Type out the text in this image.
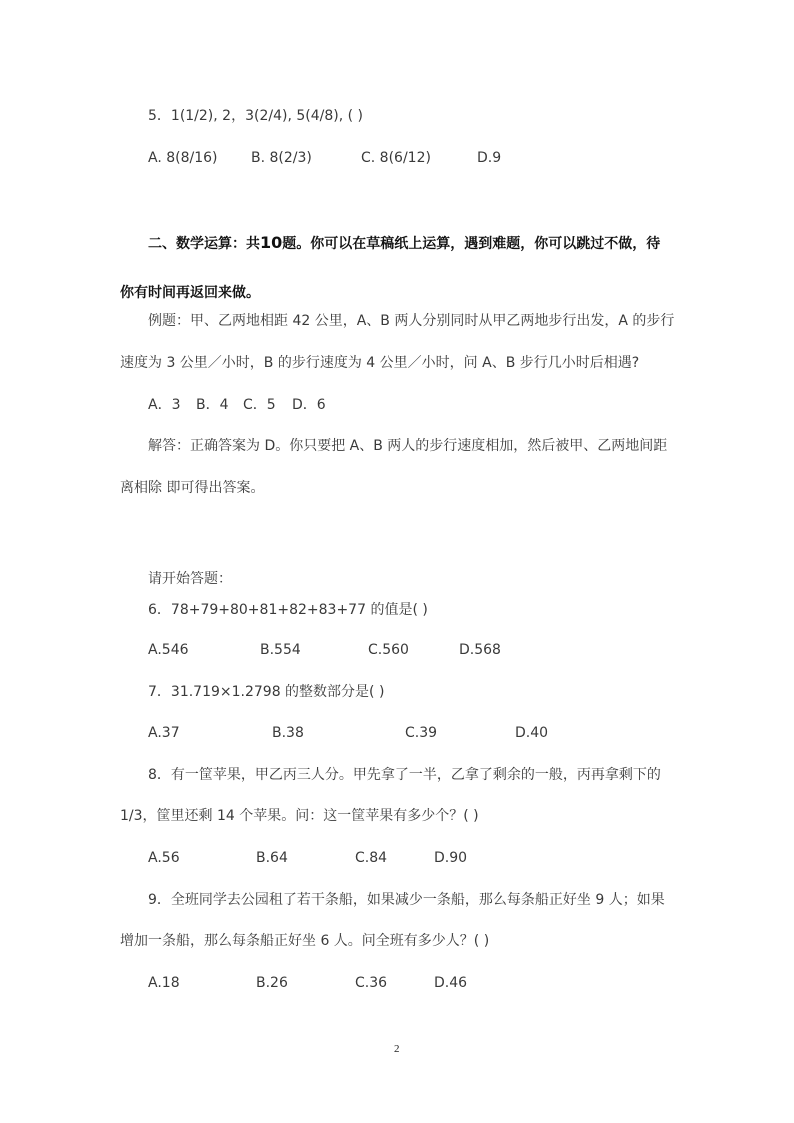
5．1(1/2), 2，3(2/4), 5(4/8), ( )
A. 8(8/16) B. 8(2/3)	C. 8(6/12)	D.9
二、数学运算：共10题。你可以在草稿纸上运算，遇到难题，你可以跳过不做，待
你有时间再返回来做。
例题：甲、乙两地相距 42 公里，A、B 两人分别同时从甲乙两地步行出发，A 的步行
速度为 3 公里／小时，B 的步行速度为 4 公里／小时，问 A、B 步行几小时后相遇?
A．3 B．4 C．5 D．6
解答：正确答案为 D。你只要把 A、B 两人的步行速度相加，然后被甲、乙两地间距
离相除 即可得出答案。
请开始答题：
6．78+79+80+81+82+83+77 的值是( )
A.546	B.554	C.560	D.568
7．31.719×1.2798 的整数部分是( )
A.37	B.38	C.39	D.40
8．有一筐苹果，甲乙丙三人分。甲先拿了一半，乙拿了剩余的一般，丙再拿剩下的
1/3，筐里还剩 14 个苹果。问：这一筐苹果有多少个？( )
A.56	B.64	C.84	D.90
9．全班同学去公园租了若干条船，如果减少一条船，那么每条船正好坐 9 人；如果
增加一条船，那么每条船正好坐 6 人。问全班有多少人？( )
A.18	B.26	C.36	D.46
2
